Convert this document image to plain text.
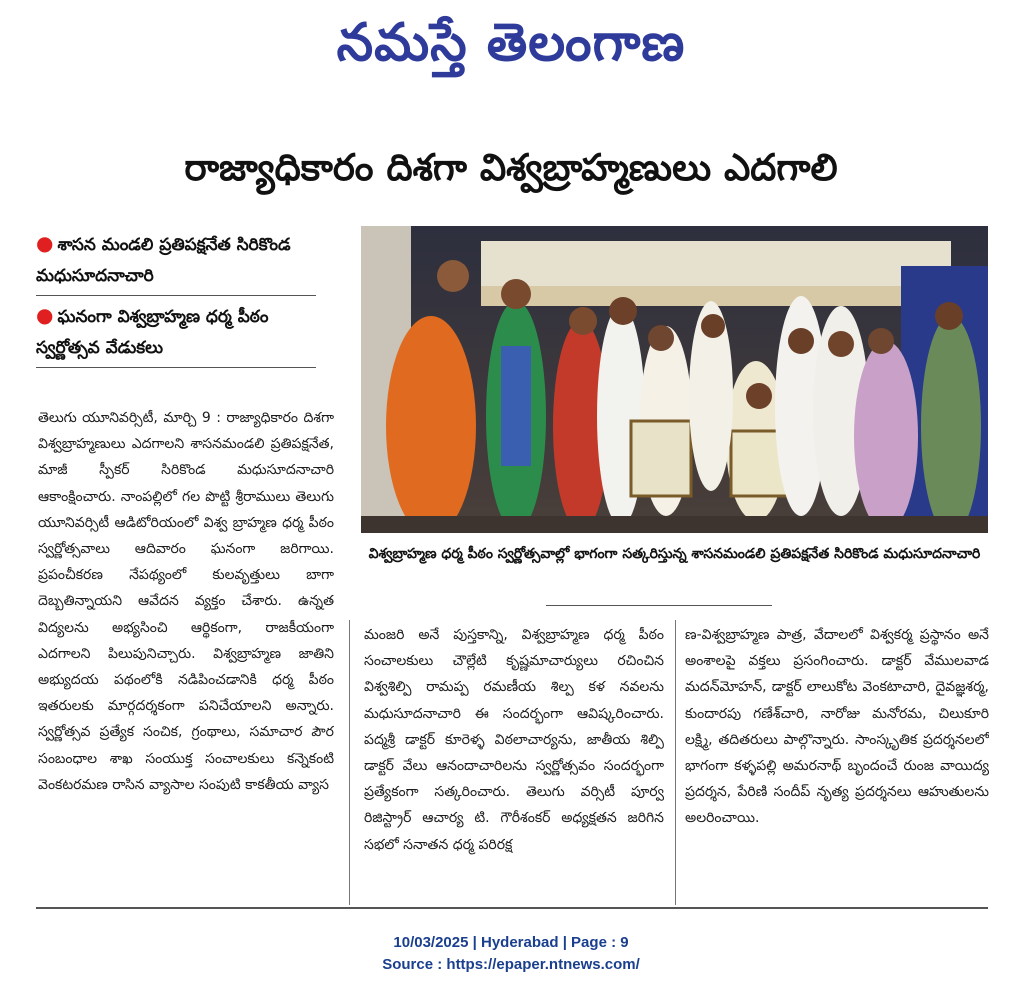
నమస్తే తెలంగాణ
రాజ్యాధికారం దిశగా విశ్వబ్రాహ్మణులు ఎదగాలి
● శాసన మండలి ప్రతిపక్షనేత సిరికొండ మధుసూదనాచారి
● ఘనంగా విశ్వబ్రాహ్మణ ధర్మ పీఠం స్వర్ణోత్సవ వేడుకలు
విశ్వబ్రాహ్మణ ధర్మ పీఠం స్వర్ణోత్సవాల్లో భాగంగా సత్కరిస్తున్న శాసనమండలి ప్రతిపక్షనేత సిరికొండ మధుసూదనాచారి
తెలుగు యూనివర్సిటీ, మార్చి 9 : రాజ్యాధికారం దిశగా విశ్వబ్రాహ్మణులు ఎదగాలని శాసనమండలి ప్రతిపక్షనేత, మాజీ స్పీకర్ సిరికొండ మధుసూదనాచారి ఆకాంక్షించారు. నాంపల్లిలో గల పొట్టి శ్రీరాములు తెలుగు యూనివర్సిటీ ఆడిటోరియంలో విశ్వ బ్రాహ్మణ ధర్మ పీఠం స్వర్ణోత్సవాలు ఆదివారం ఘనంగా జరిగాయి. ప్రపంచీకరణ నేపథ్యంలో కులవృత్తులు బాగా దెబ్బతిన్నాయని ఆవేదన వ్యక్తం చేశారు. ఉన్నత విద్యలను అభ్యసించి ఆర్థికంగా, రాజకీయంగా ఎదగాలని పిలుపునిచ్చారు. విశ్వబ్రాహ్మణ జాతిని అభ్యుదయ పథంలోకి నడిపించడానికి ధర్మ పీఠం ఇతరులకు మార్గదర్శకంగా పనిచేయాలని అన్నారు. స్వర్ణోత్సవ ప్రత్యేక సంచిక, గ్రంథాలు, సమాచార పౌర సంబంధాల శాఖ సంయుక్త సంచాలకులు కన్నెకంటి వెంకటరమణ రాసిన వ్యాసాల సంపుటి కాకతీయ వ్యాస
మంజరి అనే పుస్తకాన్ని, విశ్వబ్రాహ్మణ ధర్మ పీఠం సంచాలకులు చౌల్లేటి కృష్ణమాచార్యులు రచించిన విశ్వశిల్పి రామప్ప రమణీయ శిల్ప కళ నవలను మధుసూదనాచారి ఈ సందర్భంగా ఆవిష్కరించారు. పద్మశ్రీ డాక్టర్ కూరెళ్ళ విఠలాచార్యను, జాతీయ శిల్పి డాక్టర్ వేలు ఆనందాచారిలను స్వర్ణోత్సవం సందర్భంగా ప్రత్యేకంగా సత్కరించారు. తెలుగు వర్సిటీ పూర్వ రిజిస్ట్రార్ ఆచార్య టి. గౌరీశంకర్ అధ్యక్షతన జరిగిన సభలో సనాతన ధర్మ పరిరక్ష
ణ-విశ్వబ్రాహ్మణ పాత్ర, వేదాలలో విశ్వకర్మ ప్రస్థానం అనే అంశాలపై వక్తలు ప్రసంగించారు. డాక్టర్ వేములవాడ మదన్‌మోహన్, డాక్టర్ లాలుకోట వెంకటాచారి, దైవజ్ఞశర్మ, కుందారపు గణేశ్‌చారి, నారోజు మనోరమ, చిలుకూరి లక్ష్మి, తదితరులు పాల్గొన్నారు. సాంస్కృతిక ప్రదర్శనలలో భాగంగా కళ్ళపల్లి అమరనాథ్ బృందంచే రుంజ వాయిద్య ప్రదర్శన, పేరిణి సందీప్ నృత్య ప్రదర్శనలు ఆహుతులను అలరించాయి.
10/03/2025 | Hyderabad | Page : 9
Source : https://epaper.ntnews.com/
